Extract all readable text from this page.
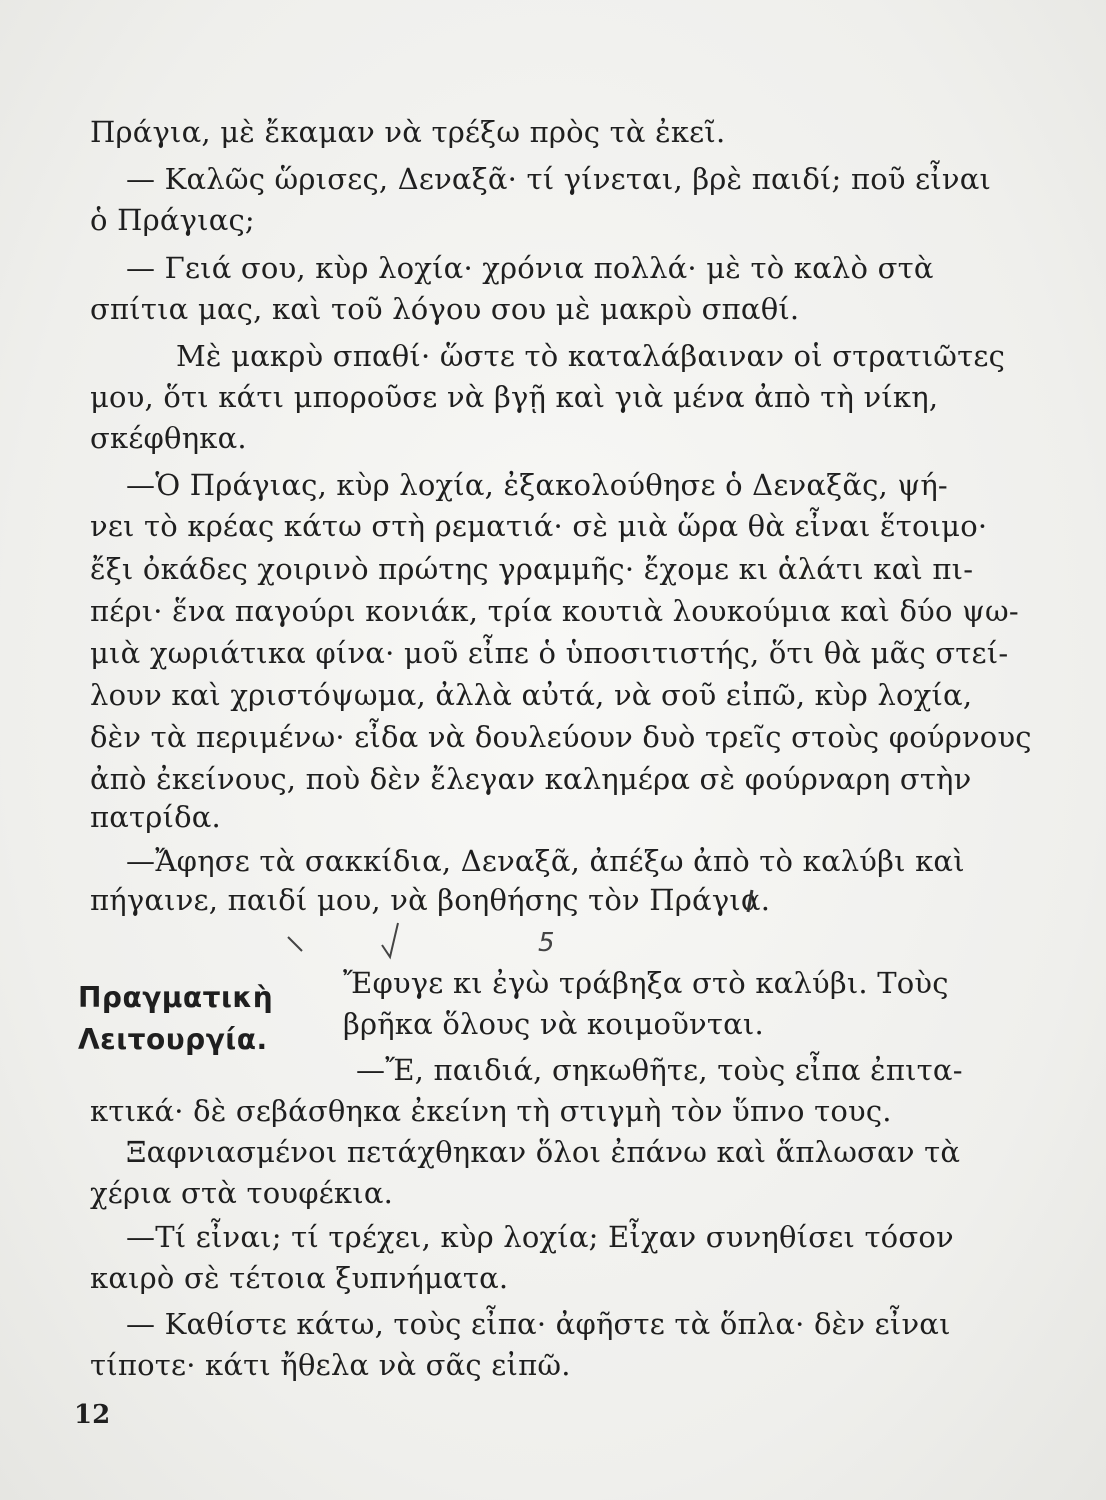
Πράγια, μὲ ἔκαμαν νὰ τρέξω πρὸς τὰ ἐκεῖ.
— Καλῶς ὥρισες, Δεναξᾶ· τί γίνεται, βρὲ παιδί; ποῦ εἶναι
ὁ Πράγιας;
— Γειά σου, κὺρ λοχία· χρόνια πολλά· μὲ τὸ καλὸ στὰ
σπίτια μας, καὶ τοῦ λόγου σου μὲ μακρὺ σπαθί.
Μὲ μακρὺ σπαθί· ὥστε τὸ καταλάβαιναν οἱ στρατιῶτες
μου, ὅτι κάτι μποροῦσε νὰ βγῇ καὶ γιὰ μένα ἀπὸ τὴ νίκη,
σκέφθηκα.
—Ὁ Πράγιας, κὺρ λοχία, ἐξακολούθησε ὁ Δεναξᾶς, ψή-
νει τὸ κρέας κάτω στὴ ρεματιά· σὲ μιὰ ὥρα θὰ εἶναι ἕτοιμο·
ἔξι ὀκάδες χοιρινὸ πρώτης γραμμῆς· ἔχομε κι ἁλάτι καὶ πι-
πέρι· ἕνα παγούρι κονιάκ, τρία κουτιὰ λουκούμια καὶ δύο ψω-
μιὰ χωριάτικα φίνα· μοῦ εἶπε ὁ ὑποσιτιστής, ὅτι θὰ μᾶς στεί-
λουν καὶ χριστόψωμα, ἀλλὰ αὐτά, νὰ σοῦ εἰπῶ, κὺρ λοχία,
δὲν τὰ περιμένω· εἶδα νὰ δουλεύουν δυὸ τρεῖς στοὺς φούρνους
ἀπὸ ἐκείνους, ποὺ δὲν ἔλεγαν καλημέρα σὲ φούρναρη στὴν
πατρίδα.
—Ἄφησε τὰ σακκίδια, Δεναξᾶ, ἀπέξω ἀπὸ τὸ καλύβι καὶ
πήγαινε, παιδί μου, νὰ βοηθήσης τὸν Πράγια.
Πραγματικὴ
Λειτουργία.
Ἔφυγε κι ἐγὼ τράβηξα στὸ καλύβι. Τοὺς
βρῆκα ὅλους νὰ κοιμοῦνται.
—Ἔ, παιδιά, σηκωθῆτε, τοὺς εἶπα ἐπιτα-
κτικά· δὲ σεβάσθηκα ἐκείνη τὴ στιγμὴ τὸν ὕπνο τους.
Ξαφνιασμένοι πετάχθηκαν ὅλοι ἐπάνω καὶ ἅπλωσαν τὰ
χέρια στὰ τουφέκια.
—Τί εἶναι; τί τρέχει, κὺρ λοχία; Εἶχαν συνηθίσει τόσον
καιρὸ σὲ τέτοια ξυπνήματα.
— Καθίστε κάτω, τοὺς εἶπα· ἀφῆστε τὰ ὅπλα· δὲν εἶναι
τίποτε· κάτι ἤθελα νὰ σᾶς εἰπῶ.
5
12
